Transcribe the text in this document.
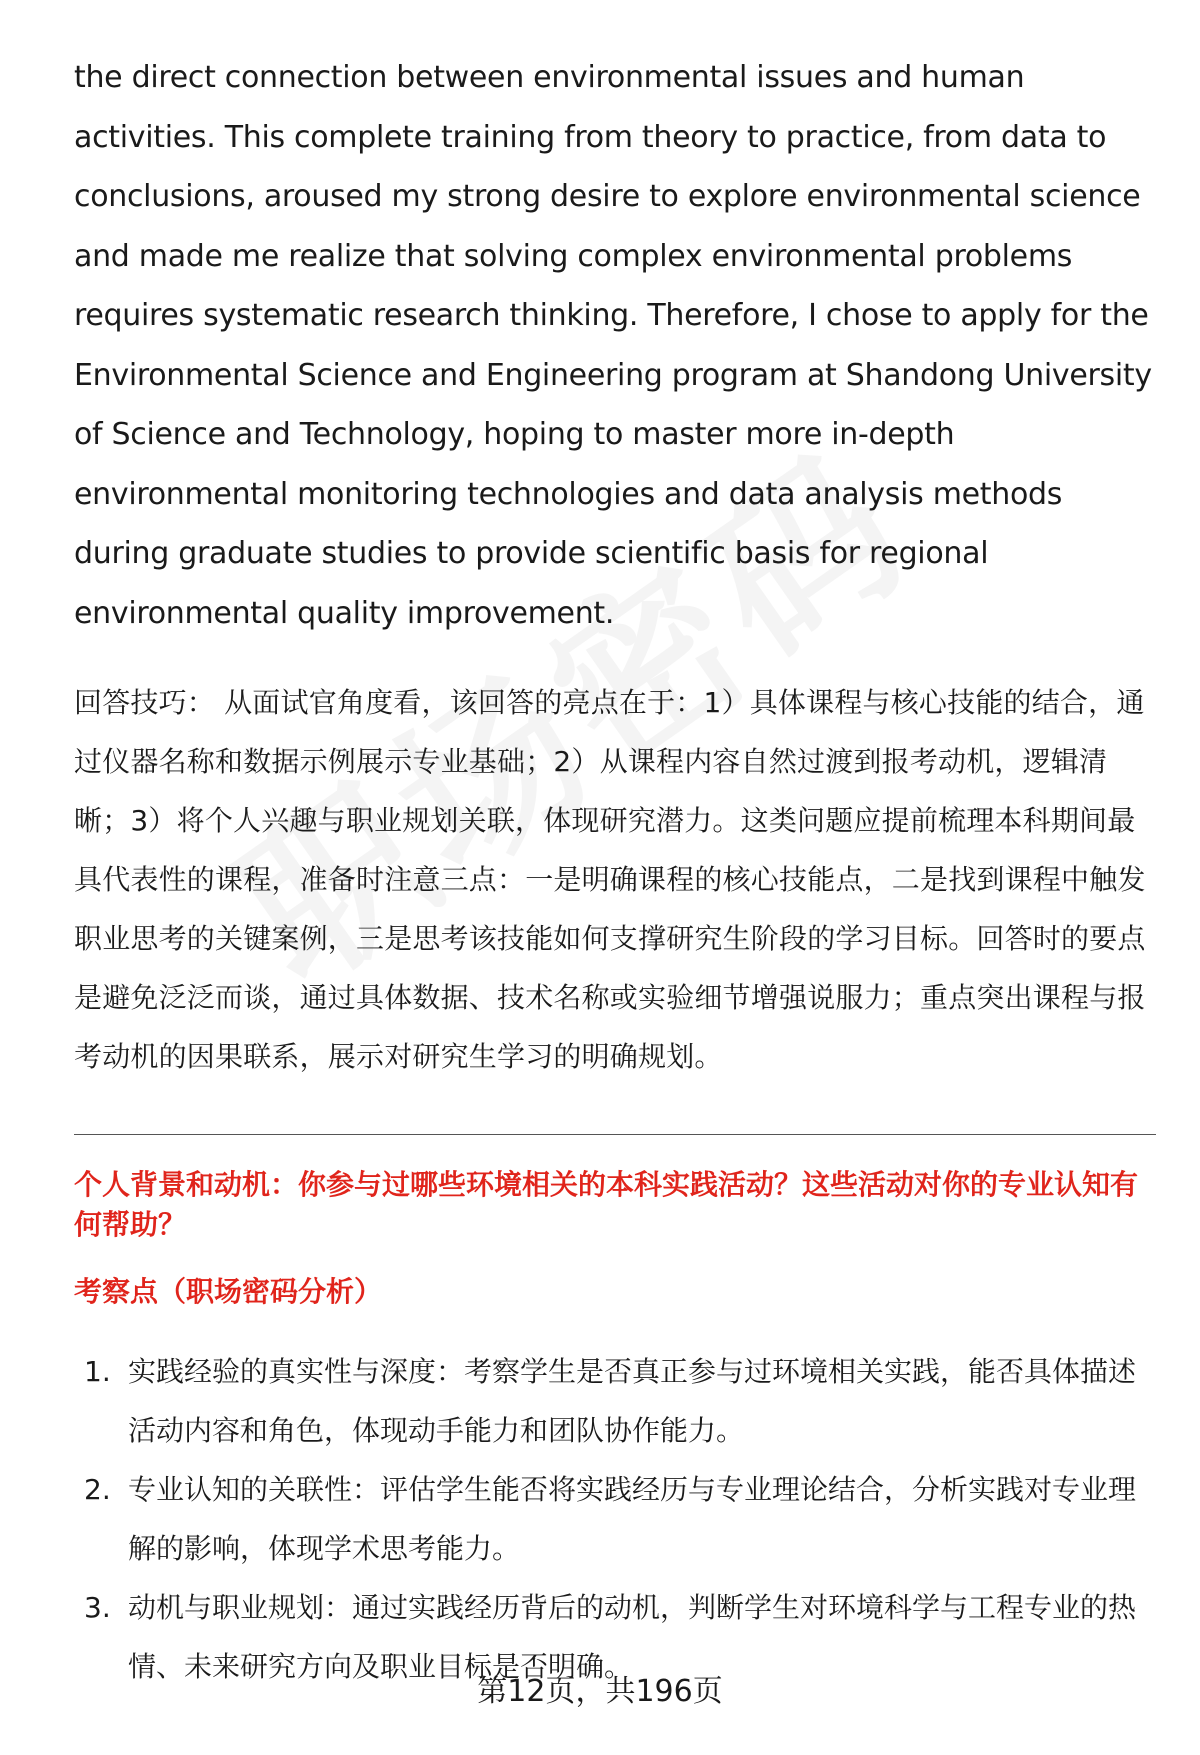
the direct connection between environmental issues and human activities. This complete training from theory to practice, from data to conclusions, aroused my strong desire to explore environmental science and made me realize that solving complex environmental problems requires systematic research thinking. Therefore, I chose to apply for the Environmental Science and Engineering program at Shandong University of Science and Technology, hoping to master more in-depth environmental monitoring technologies and data analysis methods during graduate studies to provide scientific basis for regional environmental quality improvement.

回答技巧： 从面试官角度看，该回答的亮点在于：1）具体课程与核心技能的结合，通过仪器名称和数据示例展示专业基础；2）从课程内容自然过渡到报考动机，逻辑清晰；3）将个人兴趣与职业规划关联，体现研究潜力。这类问题应提前梳理本科期间最具代表性的课程，准备时注意三点：一是明确课程的核心技能点，二是找到课程中触发职业思考的关键案例，三是思考该技能如何支撑研究生阶段的学习目标。回答时的要点是避免泛泛而谈，通过具体数据、技术名称或实验细节增强说服力；重点突出课程与报考动机的因果联系，展示对研究生学习的明确规划。

个人背景和动机：你参与过哪些环境相关的本科实践活动？这些活动对你的专业认知有何帮助？
考察点（职场密码分析）
1. 实践经验的真实性与深度：考察学生是否真正参与过环境相关实践，能否具体描述活动内容和角色，体现动手能力和团队协作能力。
2. 专业认知的关联性：评估学生能否将实践经历与专业理论结合，分析实践对专业理解的影响，体现学术思考能力。
3. 动机与职业规划：通过实践经历背后的动机，判断学生对环境科学与工程专业的热情、未来研究方向及职业目标是否明确。
第12页，共196页
